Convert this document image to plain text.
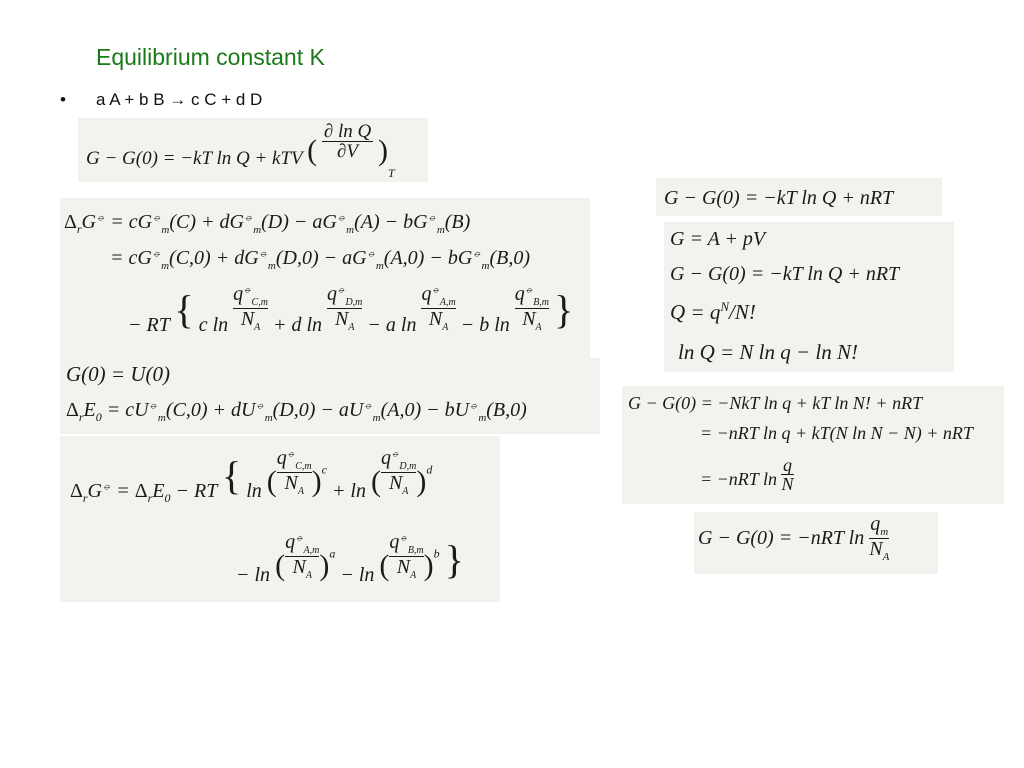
Equilibrium constant K
• a A + b B → c C + d D
G − G(0) = −kT ln Q + kTV ( $\frac{\text{∂ ln Q}}{\partial V} )_T$
$\Delta_rG^⦵ = cG^⦵_m(C) + dG^⦵_m(D) - aG^⦵_m(A) - bG^⦵_m(B)$
= $cG^⦵_m(C,0) + dG^⦵_m(D,0) - aG^⦵_m(A,0) - bG^⦵_m(B,0)$
− RT { c $\ln \frac{q^⦵_{C,m}}{N_A} + d$ $\ln \frac{q^⦵_{D,m}}{N_A} - a$ $\ln \frac{q^⦵_{A,m}}{N_A} - b$ $\ln \frac{q^⦵_{B,m}}{N_A}$ }
G(0) = U(0)
$\Delta_rE_0 = cU^⦵_m(C,0) + dU^⦵_m(D,0) - aU^⦵_m(A,0) - bU^⦵_m(B,0)$
$\Delta_rG^⦵ = \Delta_rE_0$ − RT { ln ( $\frac{q^⦵_{C,m}}{N_A} )^c + \ln$ ( $\frac{q^⦵_{D,m}}{N_A} )^d$
− ln ( $\frac{q^⦵_{A,m}}{N_A} )^a - \ln$ ( $\frac{q^⦵_{B,m}}{N_A} )^b$ }
G − G(0) = −kT ln Q + nRT
G = A + pV
G − G(0) = −kT ln Q + nRT
$Q = q^N/N$!
ln Q = N ln q − ln N!
G − G(0) = −NkT ln q + kT ln N! + nRT
= −nRT ln q + kT(N ln N − N) + nRT
= −nRT $\ln \frac{q}{N}$
G − G(0) = −nRT $\ln \frac{q_m}{N_A}$
